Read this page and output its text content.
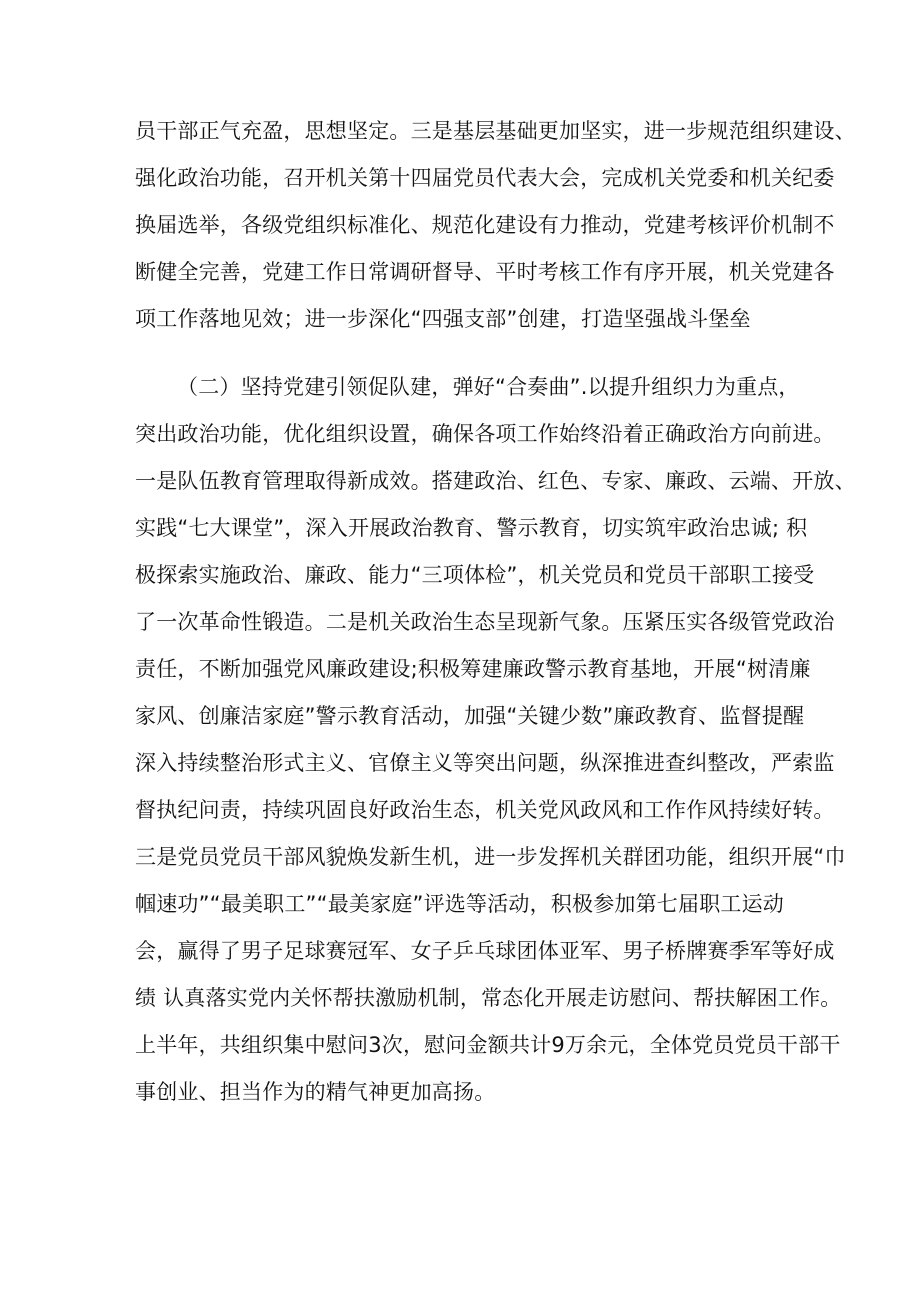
员干部正气充盈，思想坚定。三是基层基础更加坚实，进一步规范组织建设、
强化政治功能，召开机关第十四届党员代表大会，完成机关党委和机关纪委
换届选举，各级党组织标准化、规范化建设有力推动，党建考核评价机制不
断健全完善，党建工作日常调研督导、平时考核工作有序开展，机关党建各
项工作落地见效；进一步深化“四强支部”创建，打造坚强战斗堡垒
（二）坚持党建引领促队建，弹好“合奏曲”.以提升组织力为重点，
突出政治功能，优化组织设置，确保各项工作始终沿着正确政治方向前进。
一是队伍教育管理取得新成效。搭建政治、红色、专家、廉政、云端、开放、
实践“七大课堂”，深入开展政治教育、警示教育，切实筑牢政治忠诚; 积
极探索实施政治、廉政、能力“三项体检”，机关党员和党员干部职工接受
了一次革命性锻造。二是机关政治生态呈现新气象。压紧压实各级管党政治
责任，不断加强党风廉政建设;积极筹建廉政警示教育基地，开展“树清廉
家风、创廉洁家庭”警示教育活动，加强“关键少数”廉政教育、监督提醒
深入持续整治形式主义、官僚主义等突出问题，纵深推进查纠整改，严索监
督执纪问责，持续巩固良好政治生态，机关党风政风和工作作风持续好转。
三是党员党员干部风貌焕发新生机，进一步发挥机关群团功能，组织开展“巾
帼速功”“最美职工”“最美家庭”评选等活动，积极参加第七届职工运动
会，赢得了男子足球赛冠军、女子乒乓球团体亚军、男子桥牌赛季军等好成
绩 认真落实党内关怀帮扶激励机制，常态化开展走访慰问、帮扶解困工作。
上半年，共组织集中慰问3次，慰问金额共计9万余元，全体党员党员干部干
事创业、担当作为的精气神更加高扬。
